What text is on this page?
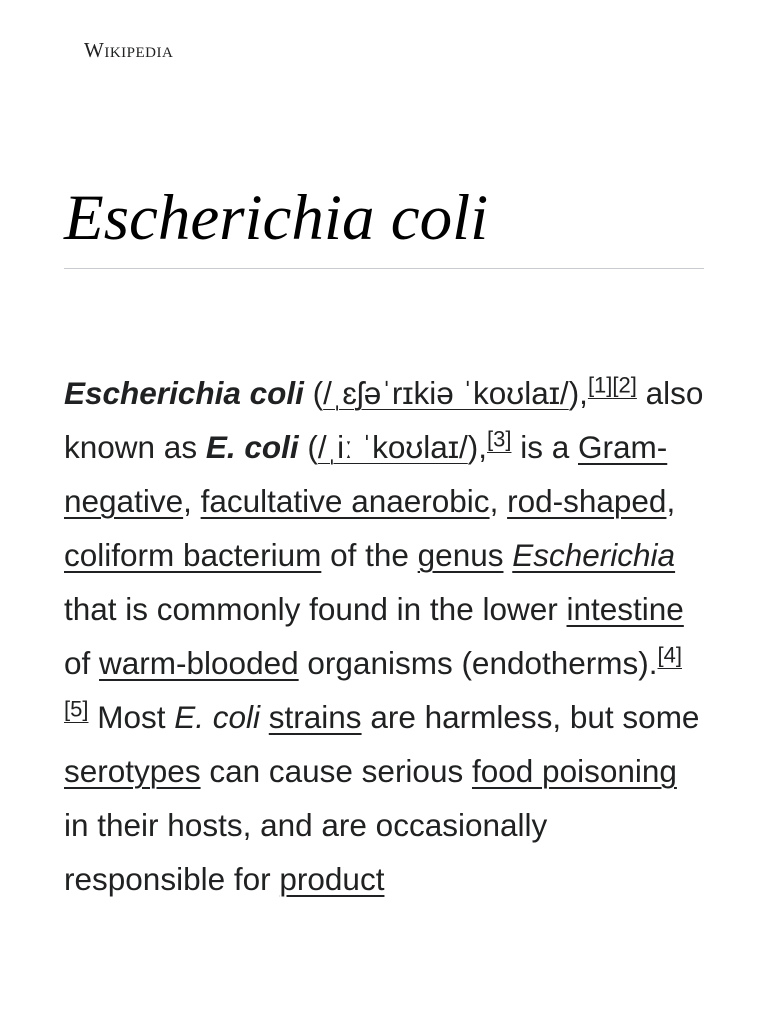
Wikipedia
Escherichia coli

Escherichia coli (/ˌɛʃəˈrɪkiə ˈkoʊlaɪ/),[1][2] also known as E. coli (/ˌiː ˈkoʊlaɪ/),[3] is a Gram-negative, facultative anaerobic, rod-shaped, coliform bacterium of the genus Escherichia that is commonly found in the lower intestine of warm-blooded organisms (endotherms).[4][5] Most E. coli strains are harmless, but some serotypes can cause serious food poisoning in their hosts, and are occasionally responsible for product
